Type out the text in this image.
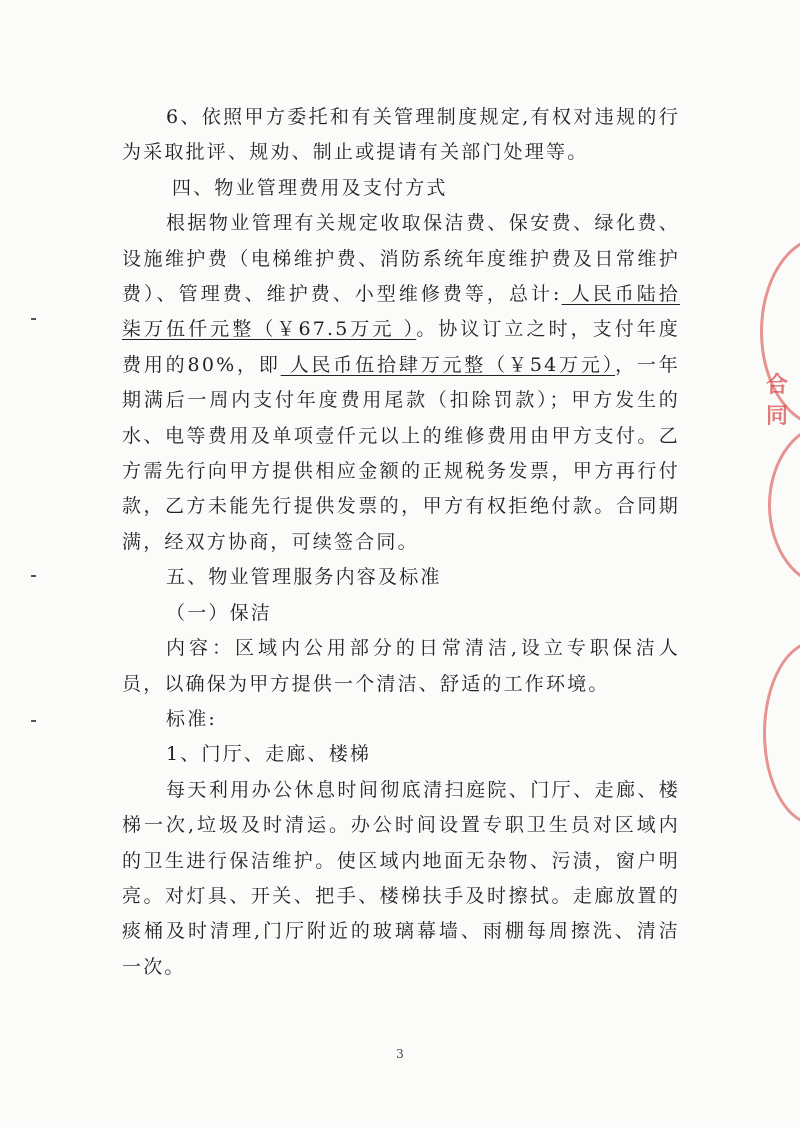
6、依照甲方委托和有关管理制度规定,有权对违规的行为采取批评、规劝、制止或提请有关部门处理等。

四、物业管理费用及支付方式

根据物业管理有关规定收取保洁费、保安费、绿化费、设施维护费（电梯维护费、消防系统年度维护费及日常维护费）、管理费、维护费、小型维修费等，总计: 人民币陆拾柒万伍仟元整（￥67.5万元 ）。协议订立之时，支付年度费用的80%，即 人民币伍拾肆万元整（￥54万元），一年期满后一周内支付年度费用尾款（扣除罚款）；甲方发生的水、电等费用及单项壹仟元以上的维修费用由甲方支付。乙方需先行向甲方提供相应金额的正规税务发票，甲方再行付款，乙方未能先行提供发票的，甲方有权拒绝付款。合同期满，经双方协商，可续签合同。

五、物业管理服务内容及标准

（一）保洁

内容：区域内公用部分的日常清洁,设立专职保洁人员，以确保为甲方提供一个清洁、舒适的工作环境。

标准:

1、门厅、走廊、楼梯

每天利用办公休息时间彻底清扫庭院、门厅、走廊、楼梯一次,垃圾及时清运。办公时间设置专职卫生员对区域内的卫生进行保洁维护。使区域内地面无杂物、污渍，窗户明亮。对灯具、开关、把手、楼梯扶手及时擦拭。走廊放置的痰桶及时清理,门厅附近的玻璃幕墙、雨棚每周擦洗、清洁一次。

3
合同
